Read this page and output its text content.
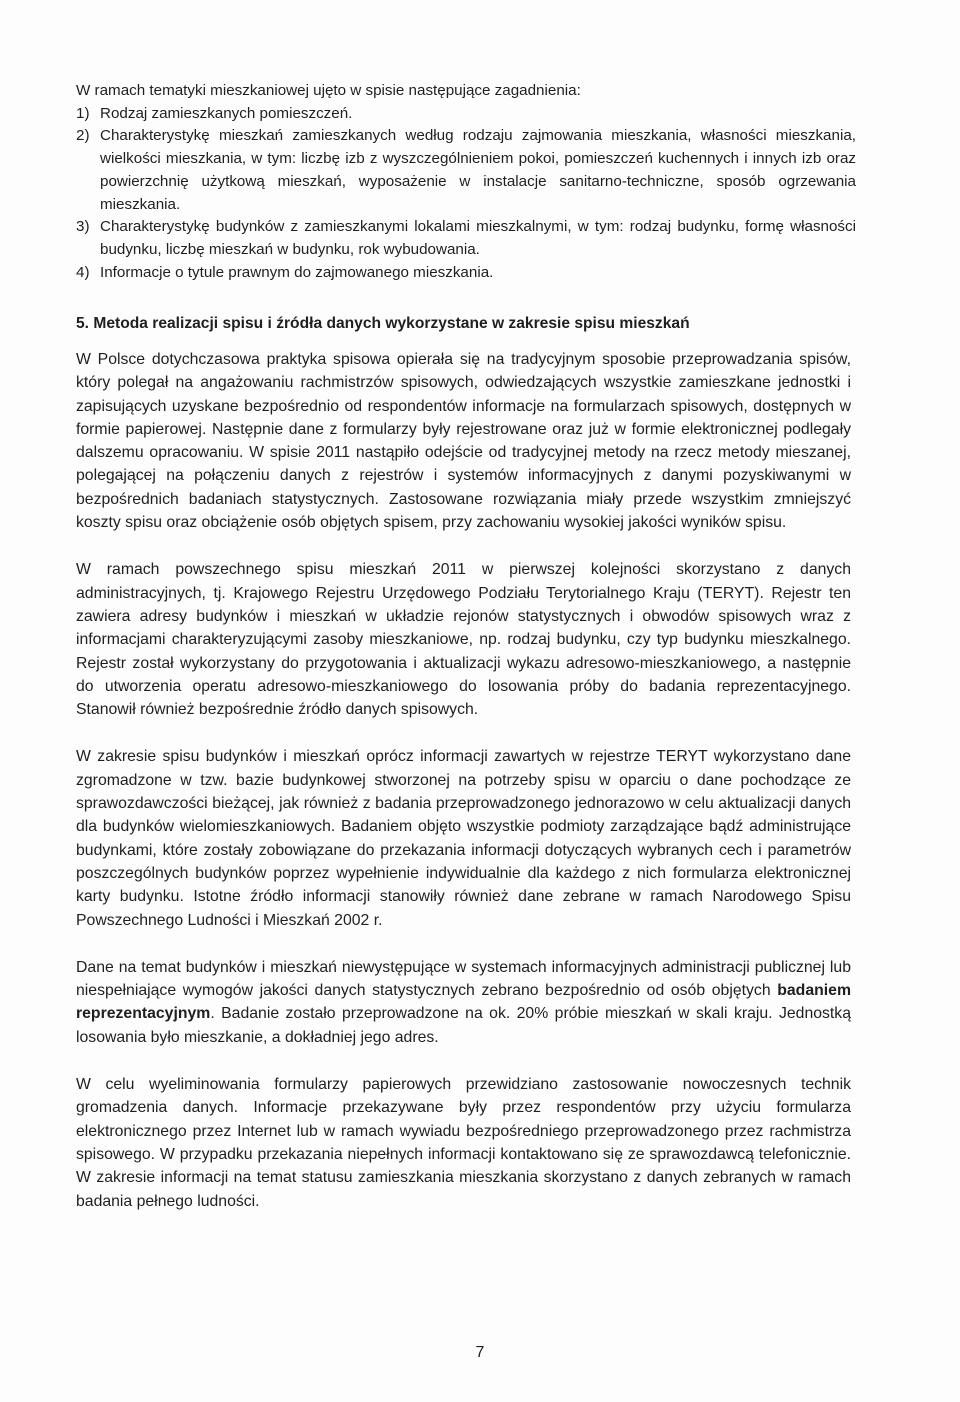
W ramach tematyki mieszkaniowej ujęto w spisie następujące zagadnienia:

1) Rodzaj zamieszkanych pomieszczeń.
2) Charakterystykę mieszkań zamieszkanych według rodzaju zajmowania mieszkania, własności mieszkania, wielkości mieszkania, w tym: liczbę izb z wyszczególnieniem pokoi, pomieszczeń kuchennych i innych izb oraz powierzchnię użytkową mieszkań, wyposażenie w instalacje sanitarno-techniczne, sposób ogrzewania mieszkania.
3) Charakterystykę budynków z zamieszkanymi lokalami mieszkalnymi, w tym: rodzaj budynku, formę własności budynku, liczbę mieszkań w budynku, rok wybudowania.
4) Informacje o tytule prawnym do zajmowanego mieszkania.
5. Metoda realizacji spisu i źródła danych wykorzystane w zakresie spisu mieszkań

W Polsce dotychczasowa praktyka spisowa opierała się na tradycyjnym sposobie przeprowadzania spisów, który polegał na angażowaniu rachmistrzów spisowych, odwiedzających wszystkie zamieszkane jednostki i zapisujących uzyskane bezpośrednio od respondentów informacje na formularzach spisowych, dostępnych w formie papierowej. Następnie dane z formularzy były rejestrowane oraz już w formie elektronicznej podlegały dalszemu opracowaniu. W spisie 2011 nastąpiło odejście od tradycyjnej metody na rzecz metody mieszanej, polegającej na połączeniu danych z rejestrów i systemów informacyjnych z danymi pozyskiwanymi w bezpośrednich badaniach statystycznych. Zastosowane rozwiązania miały przede wszystkim zmniejszyć koszty spisu oraz obciążenie osób objętych spisem, przy zachowaniu wysokiej jakości wyników spisu.

W ramach powszechnego spisu mieszkań 2011 w pierwszej kolejności skorzystano z danych administracyjnych, tj. Krajowego Rejestru Urzędowego Podziału Terytorialnego Kraju (TERYT). Rejestr ten zawiera adresy budynków i mieszkań w układzie rejonów statystycznych i obwodów spisowych wraz z informacjami charakteryzującymi zasoby mieszkaniowe, np. rodzaj budynku, czy typ budynku mieszkalnego. Rejestr został wykorzystany do przygotowania i aktualizacji wykazu adresowo-mieszkaniowego, a następnie do utworzenia operatu adresowo-mieszkaniowego do losowania próby do badania reprezentacyjnego. Stanowił również bezpośrednie źródło danych spisowych.

W zakresie spisu budynków i mieszkań oprócz informacji zawartych w rejestrze TERYT wykorzystano dane zgromadzone w tzw. bazie budynkowej stworzonej na potrzeby spisu w oparciu o dane pochodzące ze sprawozdawczości bieżącej, jak również z badania przeprowadzonego jednorazowo w celu aktualizacji danych dla budynków wielomieszkaniowych. Badaniem objęto wszystkie podmioty zarządzające bądź administrujące budynkami, które zostały zobowiązane do przekazania informacji dotyczących wybranych cech i parametrów poszczególnych budynków poprzez wypełnienie indywidualnie dla każdego z nich formularza elektronicznej karty budynku. Istotne źródło informacji stanowiły również dane zebrane w ramach Narodowego Spisu Powszechnego Ludności i Mieszkań 2002 r.

Dane na temat budynków i mieszkań niewystępujące w systemach informacyjnych administracji publicznej lub niespełniające wymogów jakości danych statystycznych zebrano bezpośrednio od osób objętych badaniem reprezentacyjnym. Badanie zostało przeprowadzone na ok. 20% próbie mieszkań w skali kraju. Jednostką losowania było mieszkanie, a dokładniej jego adres.

W celu wyeliminowania formularzy papierowych przewidziano zastosowanie nowoczesnych technik gromadzenia danych. Informacje przekazywane były przez respondentów przy użyciu formularza elektronicznego przez Internet lub w ramach wywiadu bezpośredniego przeprowadzonego przez rachmistrza spisowego. W przypadku przekazania niepełnych informacji kontaktowano się ze sprawozdawcą telefonicznie. W zakresie informacji na temat statusu zamieszkania mieszkania skorzystano z danych zebranych w ramach badania pełnego ludności.

7
